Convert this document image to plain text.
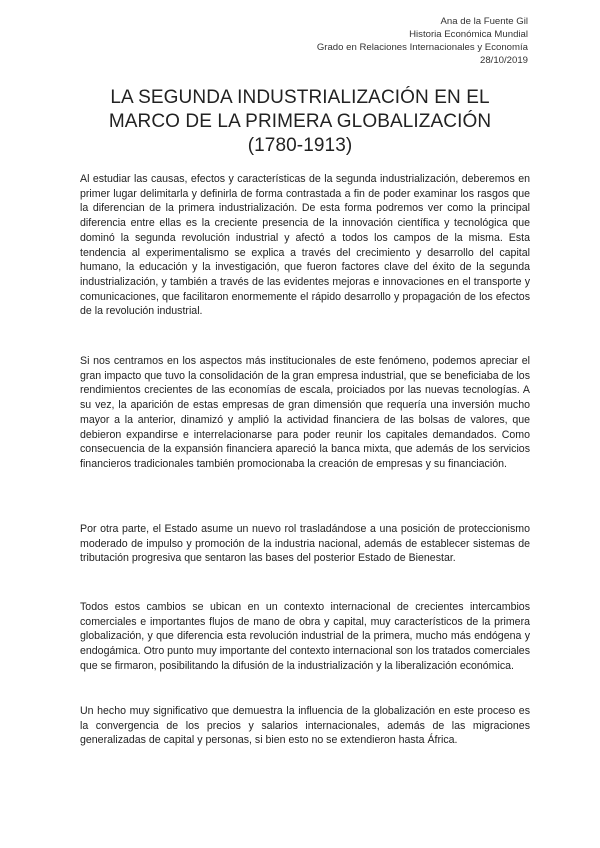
Ana de la Fuente Gil
Historia Económica Mundial
Grado en Relaciones Internacionales y Economía
28/10/2019
LA SEGUNDA INDUSTRIALIZACIÓN EN EL
MARCO DE LA PRIMERA GLOBALIZACIÓN
(1780-1913)

Al estudiar las causas, efectos y características de la segunda industrialización, deberemos en primer lugar delimitarla y definirla de forma contrastada a fin de poder examinar los rasgos que la diferencian de la primera industrialización. De esta forma podremos ver como la principal diferencia entre ellas es la creciente presencia de la innovación científica y tecnológica que dominó la segunda revolución industrial y afectó a todos los campos de la misma. Esta tendencia al experimentalismo se explica a través del crecimiento y desarrollo del capital humano, la educación y la investigación, que fueron factores clave del éxito de la segunda industrialización, y también a través de las evidentes mejoras e innovaciones en el transporte y comunicaciones, que facilitaron enormemente el rápido desarrollo y propagación de los efectos de la revolución industrial.

Si nos centramos en los aspectos más institucionales de este fenómeno, podemos apreciar el gran impacto que tuvo la consolidación de la gran empresa industrial, que se beneficiaba de los rendimientos crecientes de las economías de escala, proiciados por las nuevas tecnologías. A su vez, la aparición de estas empresas de gran dimensión que requería una inversión mucho mayor a la anterior, dinamizó y amplió la actividad financiera de las bolsas de valores, que debieron expandirse e interrelacionarse para poder reunir los capitales demandados. Como consecuencia de la expansión financiera apareció la banca mixta, que además de los servicios financieros tradicionales también promocionaba la creación de empresas y su financiación.

Por otra parte, el Estado asume un nuevo rol trasladándose a una posición de proteccionismo moderado de impulso y promoción de la industria nacional, además de establecer sistemas de tributación progresiva que sentaron las bases del posterior Estado de Bienestar.

Todos estos cambios se ubican en un contexto internacional de crecientes intercambios comerciales e importantes flujos de mano de obra y capital, muy característicos de la primera globalización, y que diferencia esta revolución industrial de la primera, mucho más endógena y endogámica. Otro punto muy importante del contexto internacional son los tratados comerciales que se firmaron, posibilitando la difusión de la industrialización y la liberalización económica.

Un hecho muy significativo que demuestra la influencia de la globalización en este proceso es la convergencia de los precios y salarios internacionales, además de las migraciones generalizadas de capital y personas, si bien esto no se extendieron hasta África.
